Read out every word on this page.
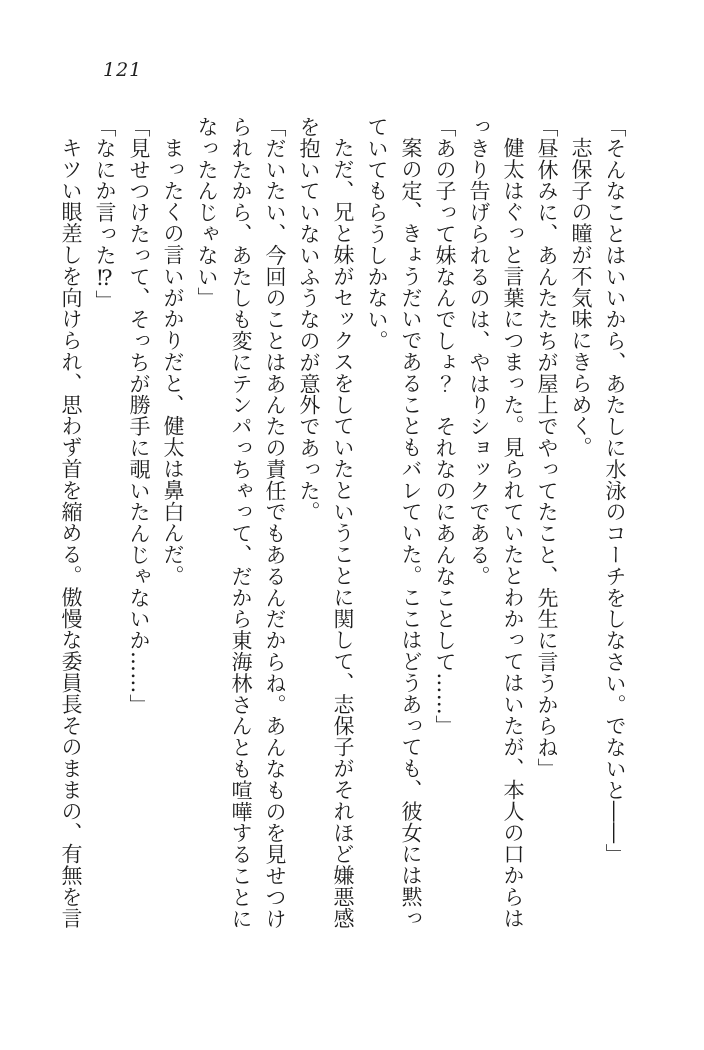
121
「そんなことはいいから、あたしに水泳のコーチをしなさい。でないと――」
志保子の瞳が不気味にきらめく。
「昼休みに、あんたたちが屋上でやってたこと、先生に言うからね」
健太はぐっと言葉につまった。見られていたとわかってはいたが、本人の口からは
っきり告げられるのは、やはりショックである。
「あの子って妹なんでしょ？　それなのにあんなことして……」
案の定、きょうだいであることもバレていた。ここはどうあっても、彼女には黙っ
ていてもらうしかない。
ただ、兄と妹がセックスをしていたということに関して、志保子がそれほど嫌悪感
を抱いていないふうなのが意外であった。
「だいたい、今回のことはあんたの責任でもあるんだからね。あんなものを見せつけ
られたから、あたしも変にテンパっちゃって、だから東海林さんとも喧嘩することに
なったんじゃない」
まったくの言いがかりだと、健太は鼻白んだ。
「見せつけたって、そっちが勝手に覗いたんじゃないか……」
「なにか言った⁉」
キツい眼差しを向けられ、思わず首を縮める。傲慢な委員長そのままの、有無を言
